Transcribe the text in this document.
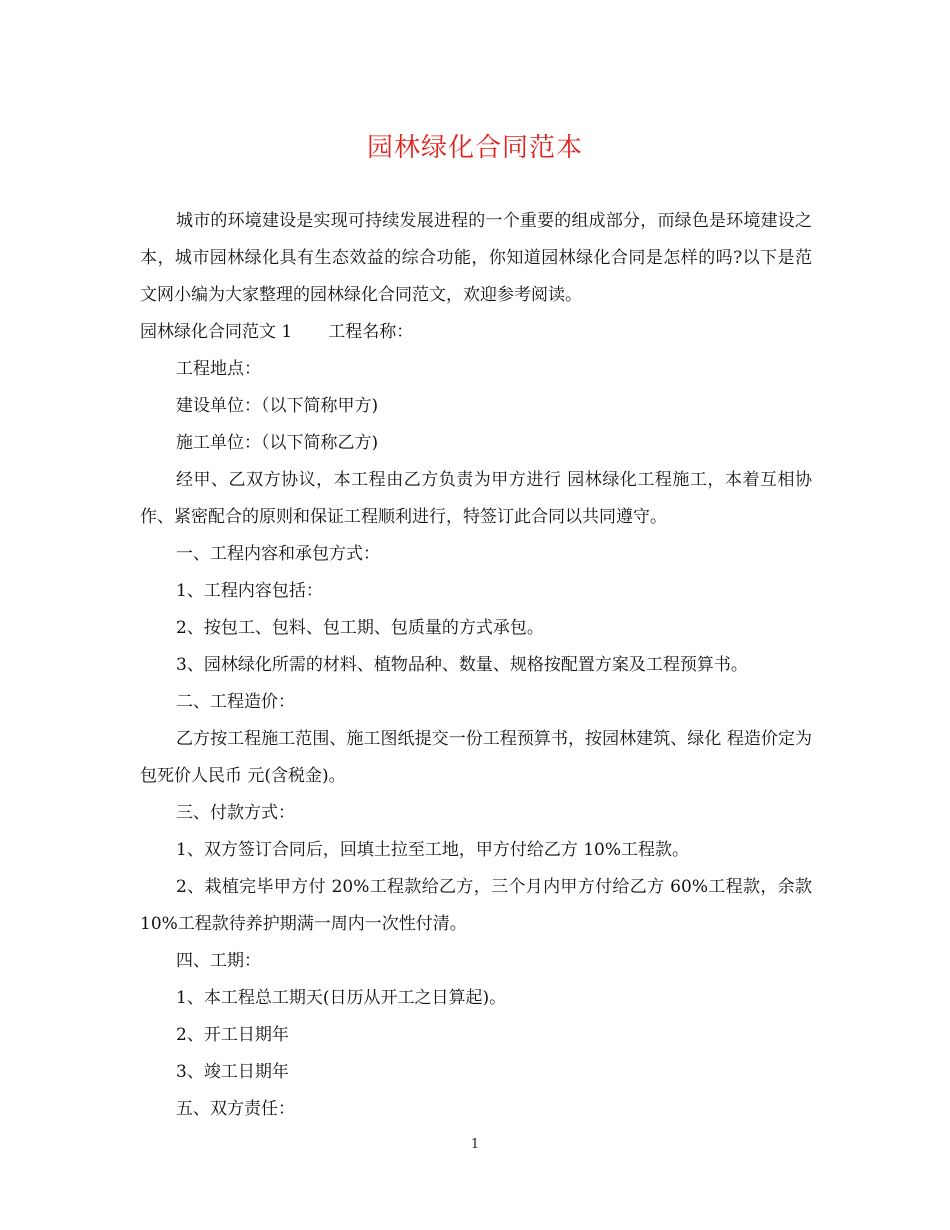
园林绿化合同范本

城市的环境建设是实现可持续发展进程的一个重要的组成部分，而绿色是环境建设之本，城市园林绿化具有生态效益的综合功能，你知道园林绿化合同是怎样的吗?以下是范文网小编为大家整理的园林绿化合同范文，欢迎参考阅读。

园林绿化合同范文 1 工程名称：

工程地点：

建设单位：（以下简称甲方)

施工单位：（以下简称乙方)

经甲、乙双方协议，本工程由乙方负责为甲方进行 园林绿化工程施工，本着互相协作、紧密配合的原则和保证工程顺利进行，特签订此合同以共同遵守。

一、工程内容和承包方式：

1、工程内容包括：

2、按包工、包料、包工期、包质量的方式承包。

3、园林绿化所需的材料、植物品种、数量、规格按配置方案及工程预算书。

二、工程造价：

乙方按工程施工范围、施工图纸提交一份工程预算书，按园林建筑、绿化 程造价定为包死价人民币 元(含税金)。

三、付款方式：

1、双方签订合同后，回填土拉至工地，甲方付给乙方 10%工程款。

2、栽植完毕甲方付 20%工程款给乙方，三个月内甲方付给乙方 60%工程款，余款 10%工程款待养护期满一周内一次性付清。

四、工期：

1、本工程总工期天(日历从开工之日算起)。

2、开工日期年

3、竣工日期年

五、双方责任：

1
